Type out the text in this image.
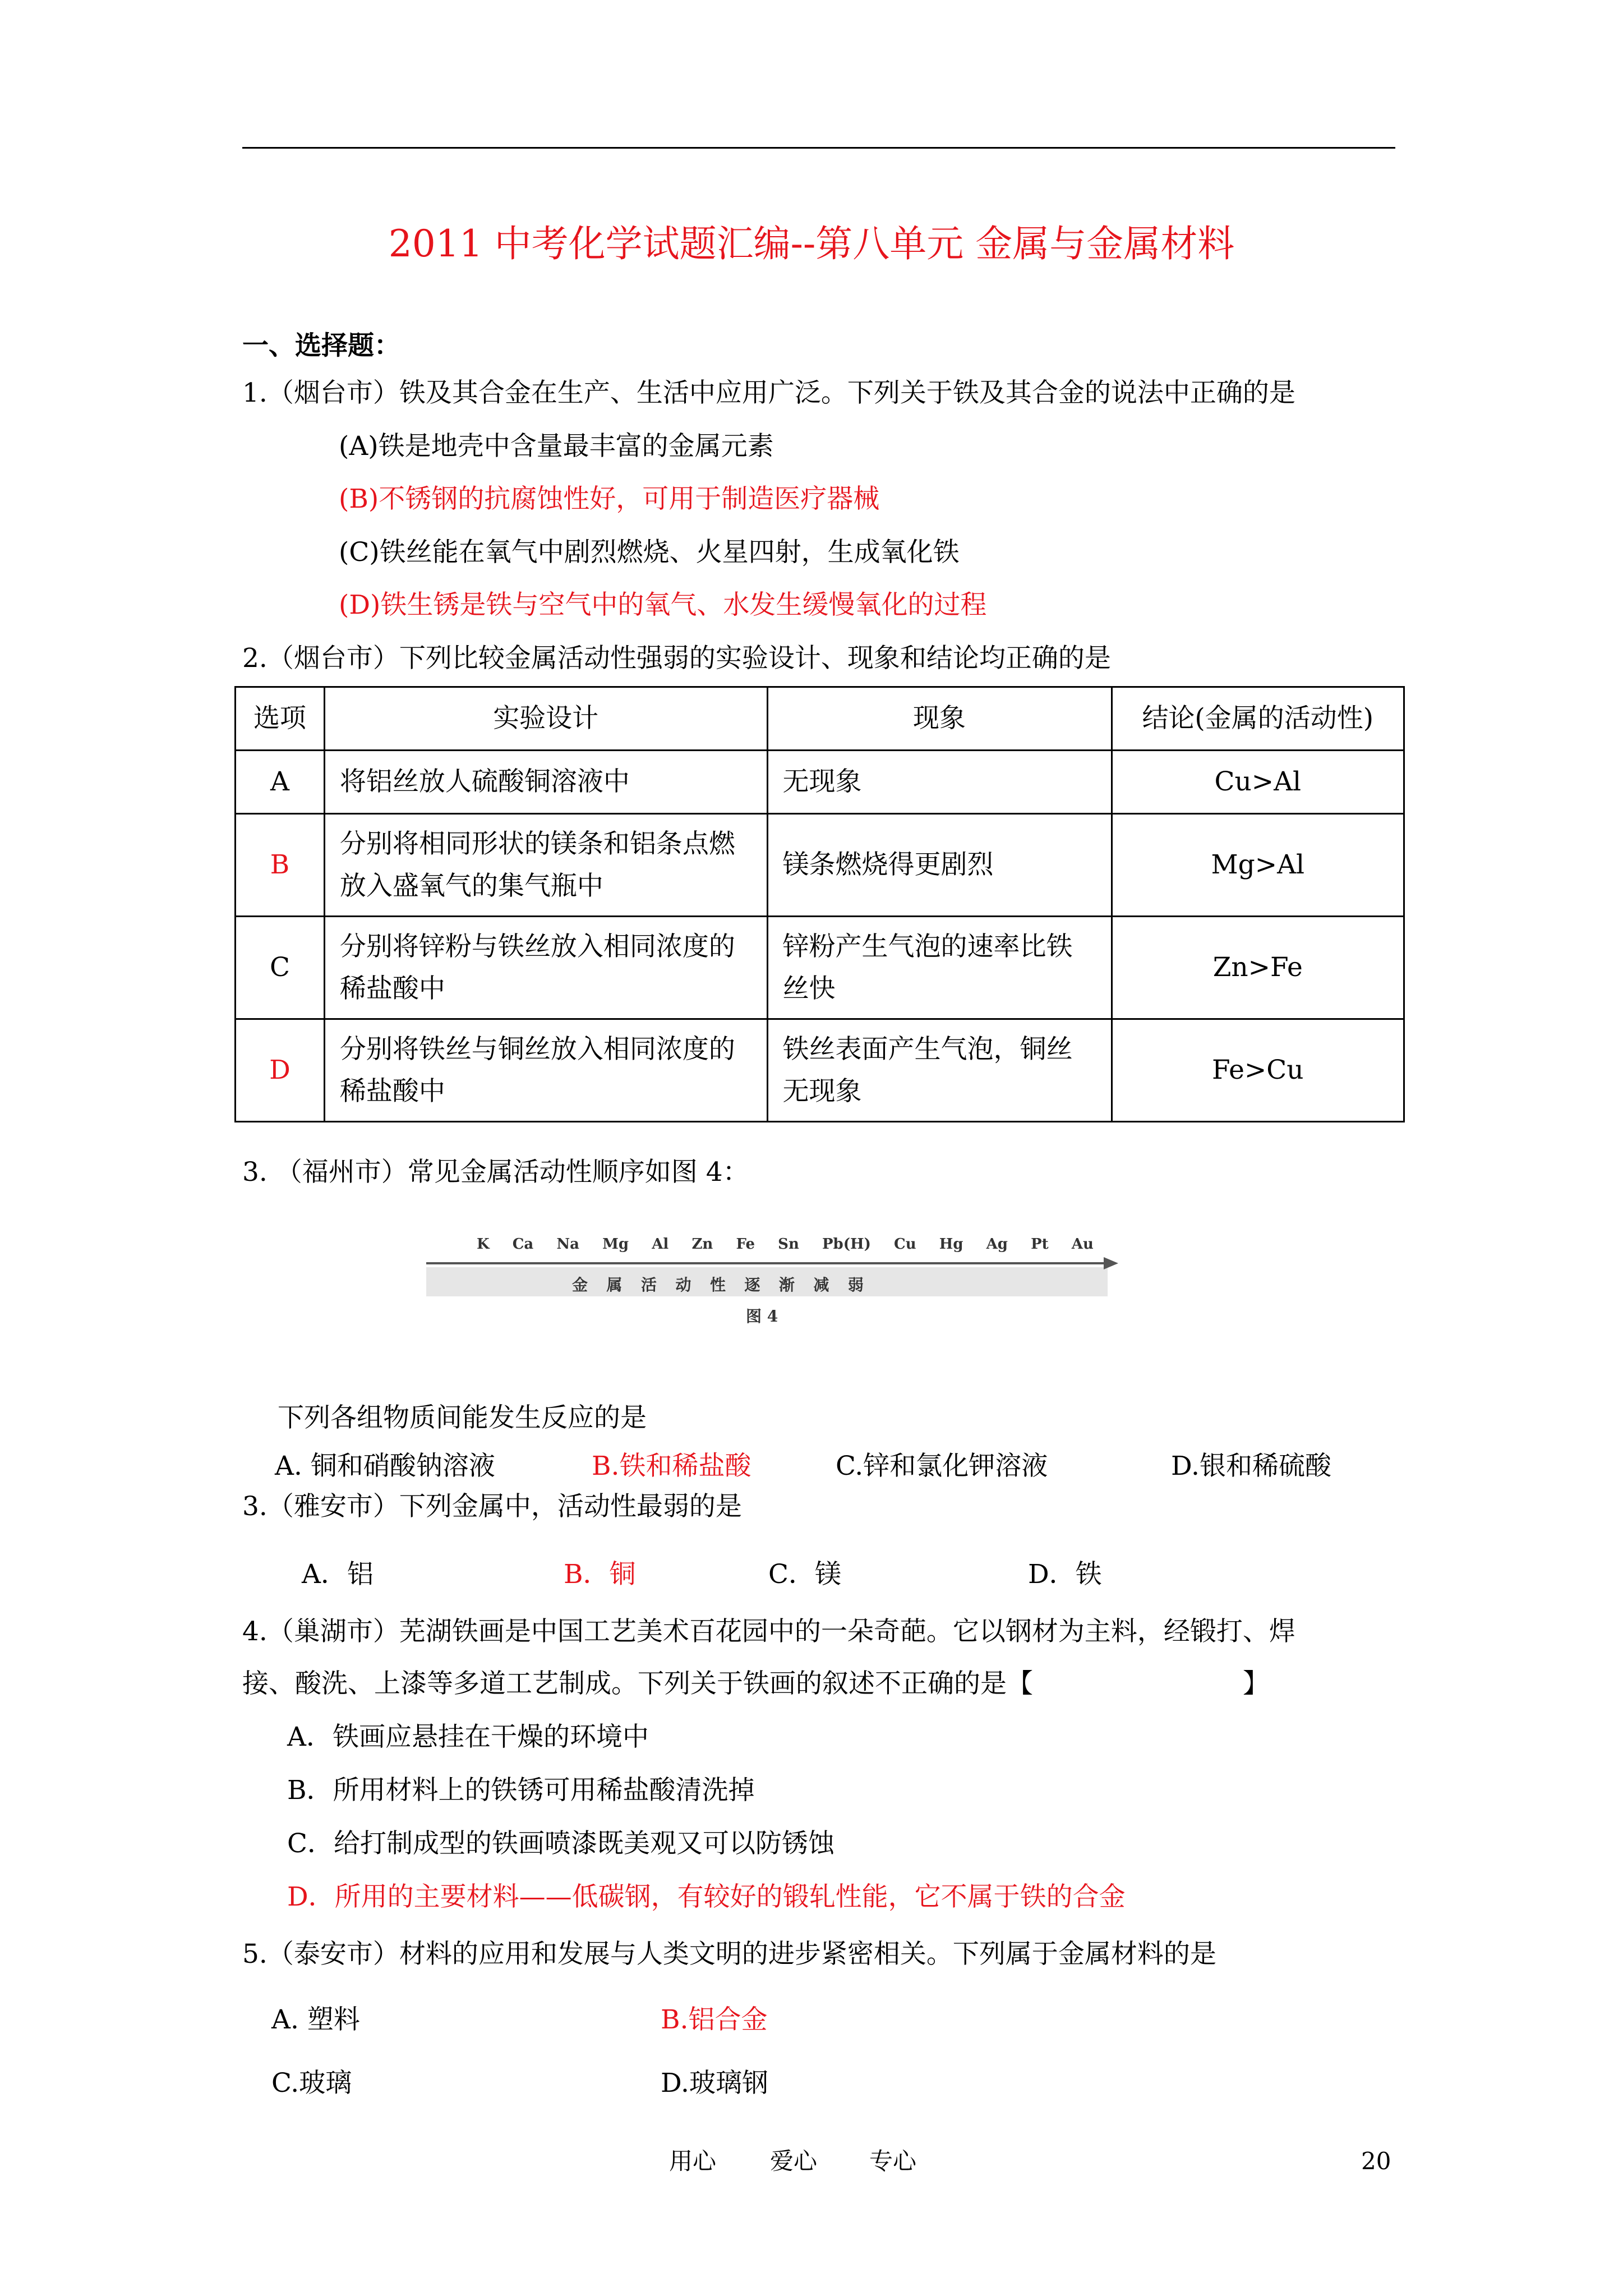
2011 中考化学试题汇编--第八单元 金属与金属材料
一、选择题：
1.（烟台市）铁及其合金在生产、生活中应用广泛。下列关于铁及其合金的说法中正确的是
(A)铁是地壳中含量最丰富的金属元素
(B)不锈钢的抗腐蚀性好，可用于制造医疗器械
(C)铁丝能在氧气中剧烈燃烧、火星四射，生成氧化铁
(D)铁生锈是铁与空气中的氧气、水发生缓慢氧化的过程
2.（烟台市）下列比较金属活动性强弱的实验设计、现象和结论均正确的是
选项	实验设计	现象	结论(金属的活动性)
A	将铝丝放人硫酸铜溶液中	无现象	Cu>Al
B	分别将相同形状的镁条和铝条点燃放入盛氧气的集气瓶中	镁条燃烧得更剧烈	Mg>Al
C	分别将锌粉与铁丝放入相同浓度的稀盐酸中	锌粉产生气泡的速率比铁丝快	Zn>Fe
D	分别将铁丝与铜丝放入相同浓度的稀盐酸中	铁丝表面产生气泡，铜丝无现象	Fe>Cu
3. （福州市）常见金属活动性顺序如图 4：
K Ca Na Mg Al Zn Fe Sn Pb(H) Cu Hg Ag Pt Au
金 属 活 动 性 逐 渐 减 弱
图 4
下列各组物质间能发生反应的是
A. 铜和硝酸钠溶液	B.铁和稀盐酸	C.锌和氯化钾溶液	D.银和稀硫酸
3.（雅安市）下列金属中，活动性最弱的是
A．铝	B．铜	C．镁	D．铁
4.（巢湖市）芜湖铁画是中国工艺美术百花园中的一朵奇葩。它以钢材为主料，经锻打、焊
接、酸洗、上漆等多道工艺制成。下列关于铁画的叙述不正确的是【	】
A．铁画应悬挂在干燥的环境中
B．所用材料上的铁锈可用稀盐酸清洗掉
C．给打制成型的铁画喷漆既美观又可以防锈蚀
D．所用的主要材料——低碳钢，有较好的锻轧性能，它不属于铁的合金
5.（泰安市）材料的应用和发展与人类文明的进步紧密相关。下列属于金属材料的是
A. 塑料	B.铝合金
C.玻璃	D.玻璃钢
用心 爱心 专心	20
